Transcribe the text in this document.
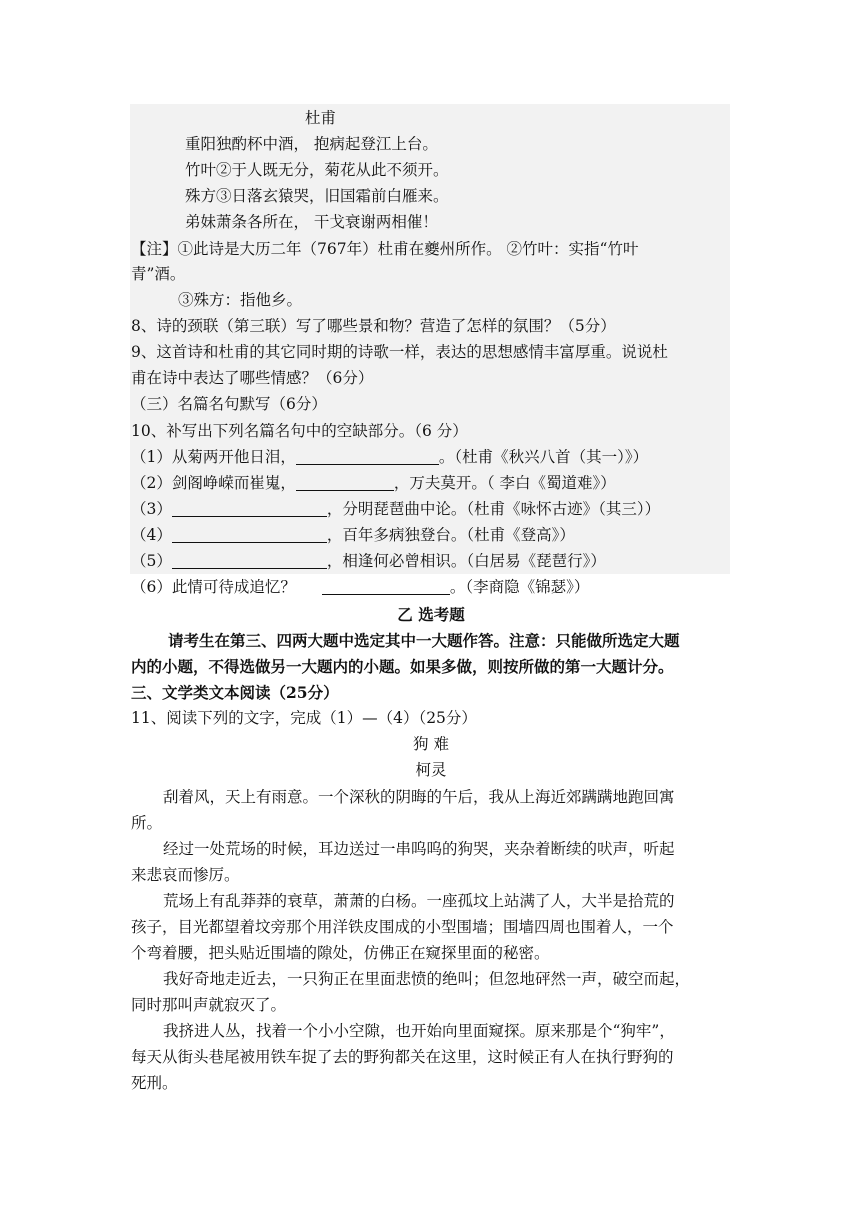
杜甫
重阳独酌杯中酒， 抱病起登江上台。
竹叶②于人既无分，菊花从此不须开。
殊方③日落玄猿哭，旧国霜前白雁来。
弟妹萧条各所在， 干戈衰谢两相催！
【注】①此诗是大历二年（767年）杜甫在夔州所作。 ②竹叶：实指“竹叶
青”酒。
③殊方：指他乡。
8、诗的颈联（第三联）写了哪些景和物？营造了怎样的氛围？（5分）
9、这首诗和杜甫的其它同时期的诗歌一样，表达的思想感情丰富厚重。说说杜
甫在诗中表达了哪些情感？（6分）
（三）名篇名句默写（6分）
10、补写出下列名篇名句中的空缺部分。（6 分）
（1）从菊两开他日泪，	。（杜甫《秋兴八首（其一）》）
（2）剑阁峥嵘而崔嵬，	，万夫莫开。（ 李白《蜀道难》）
（3）	，分明琵琶曲中论。（杜甫《咏怀古迹》（其三））
（4）	，百年多病独登台。（杜甫《登高》）
（5）	，相逢何必曾相识。（白居易《琵琶行》）
（6）此情可待成追忆？	。（李商隐《锦瑟》）
乙 选考题
请考生在第三、四两大题中选定其中一大题作答。注意：只能做所选定大题
内的小题，不得选做另一大题内的小题。如果多做，则按所做的第一大题计分。
三、文学类文本阅读（25分）
11、阅读下列的文字，完成（1）—（4）（25分）
狗 难
柯灵
刮着风，天上有雨意。一个深秋的阴晦的午后，我从上海近郊蹒蹒地跑回寓
所。
经过一处荒场的时候，耳边送过一串呜呜的狗哭，夹杂着断续的吠声，听起
来悲哀而惨厉。
荒场上有乱莽莽的衰草，萧萧的白杨。一座孤坟上站满了人，大半是拾荒的
孩子，目光都望着坟旁那个用洋铁皮围成的小型围墙；围墙四周也围着人，一个
个弯着腰，把头贴近围墙的隙处，仿佛正在窥探里面的秘密。
我好奇地走近去，一只狗正在里面悲愤的绝叫；但忽地砰然一声，破空而起，
同时那叫声就寂灭了。
我挤进人丛，找着一个小小空隙，也开始向里面窥探。原来那是个“狗牢”，
每天从街头巷尾被用铁车捉了去的野狗都关在这里，这时候正有人在执行野狗的
死刑。
